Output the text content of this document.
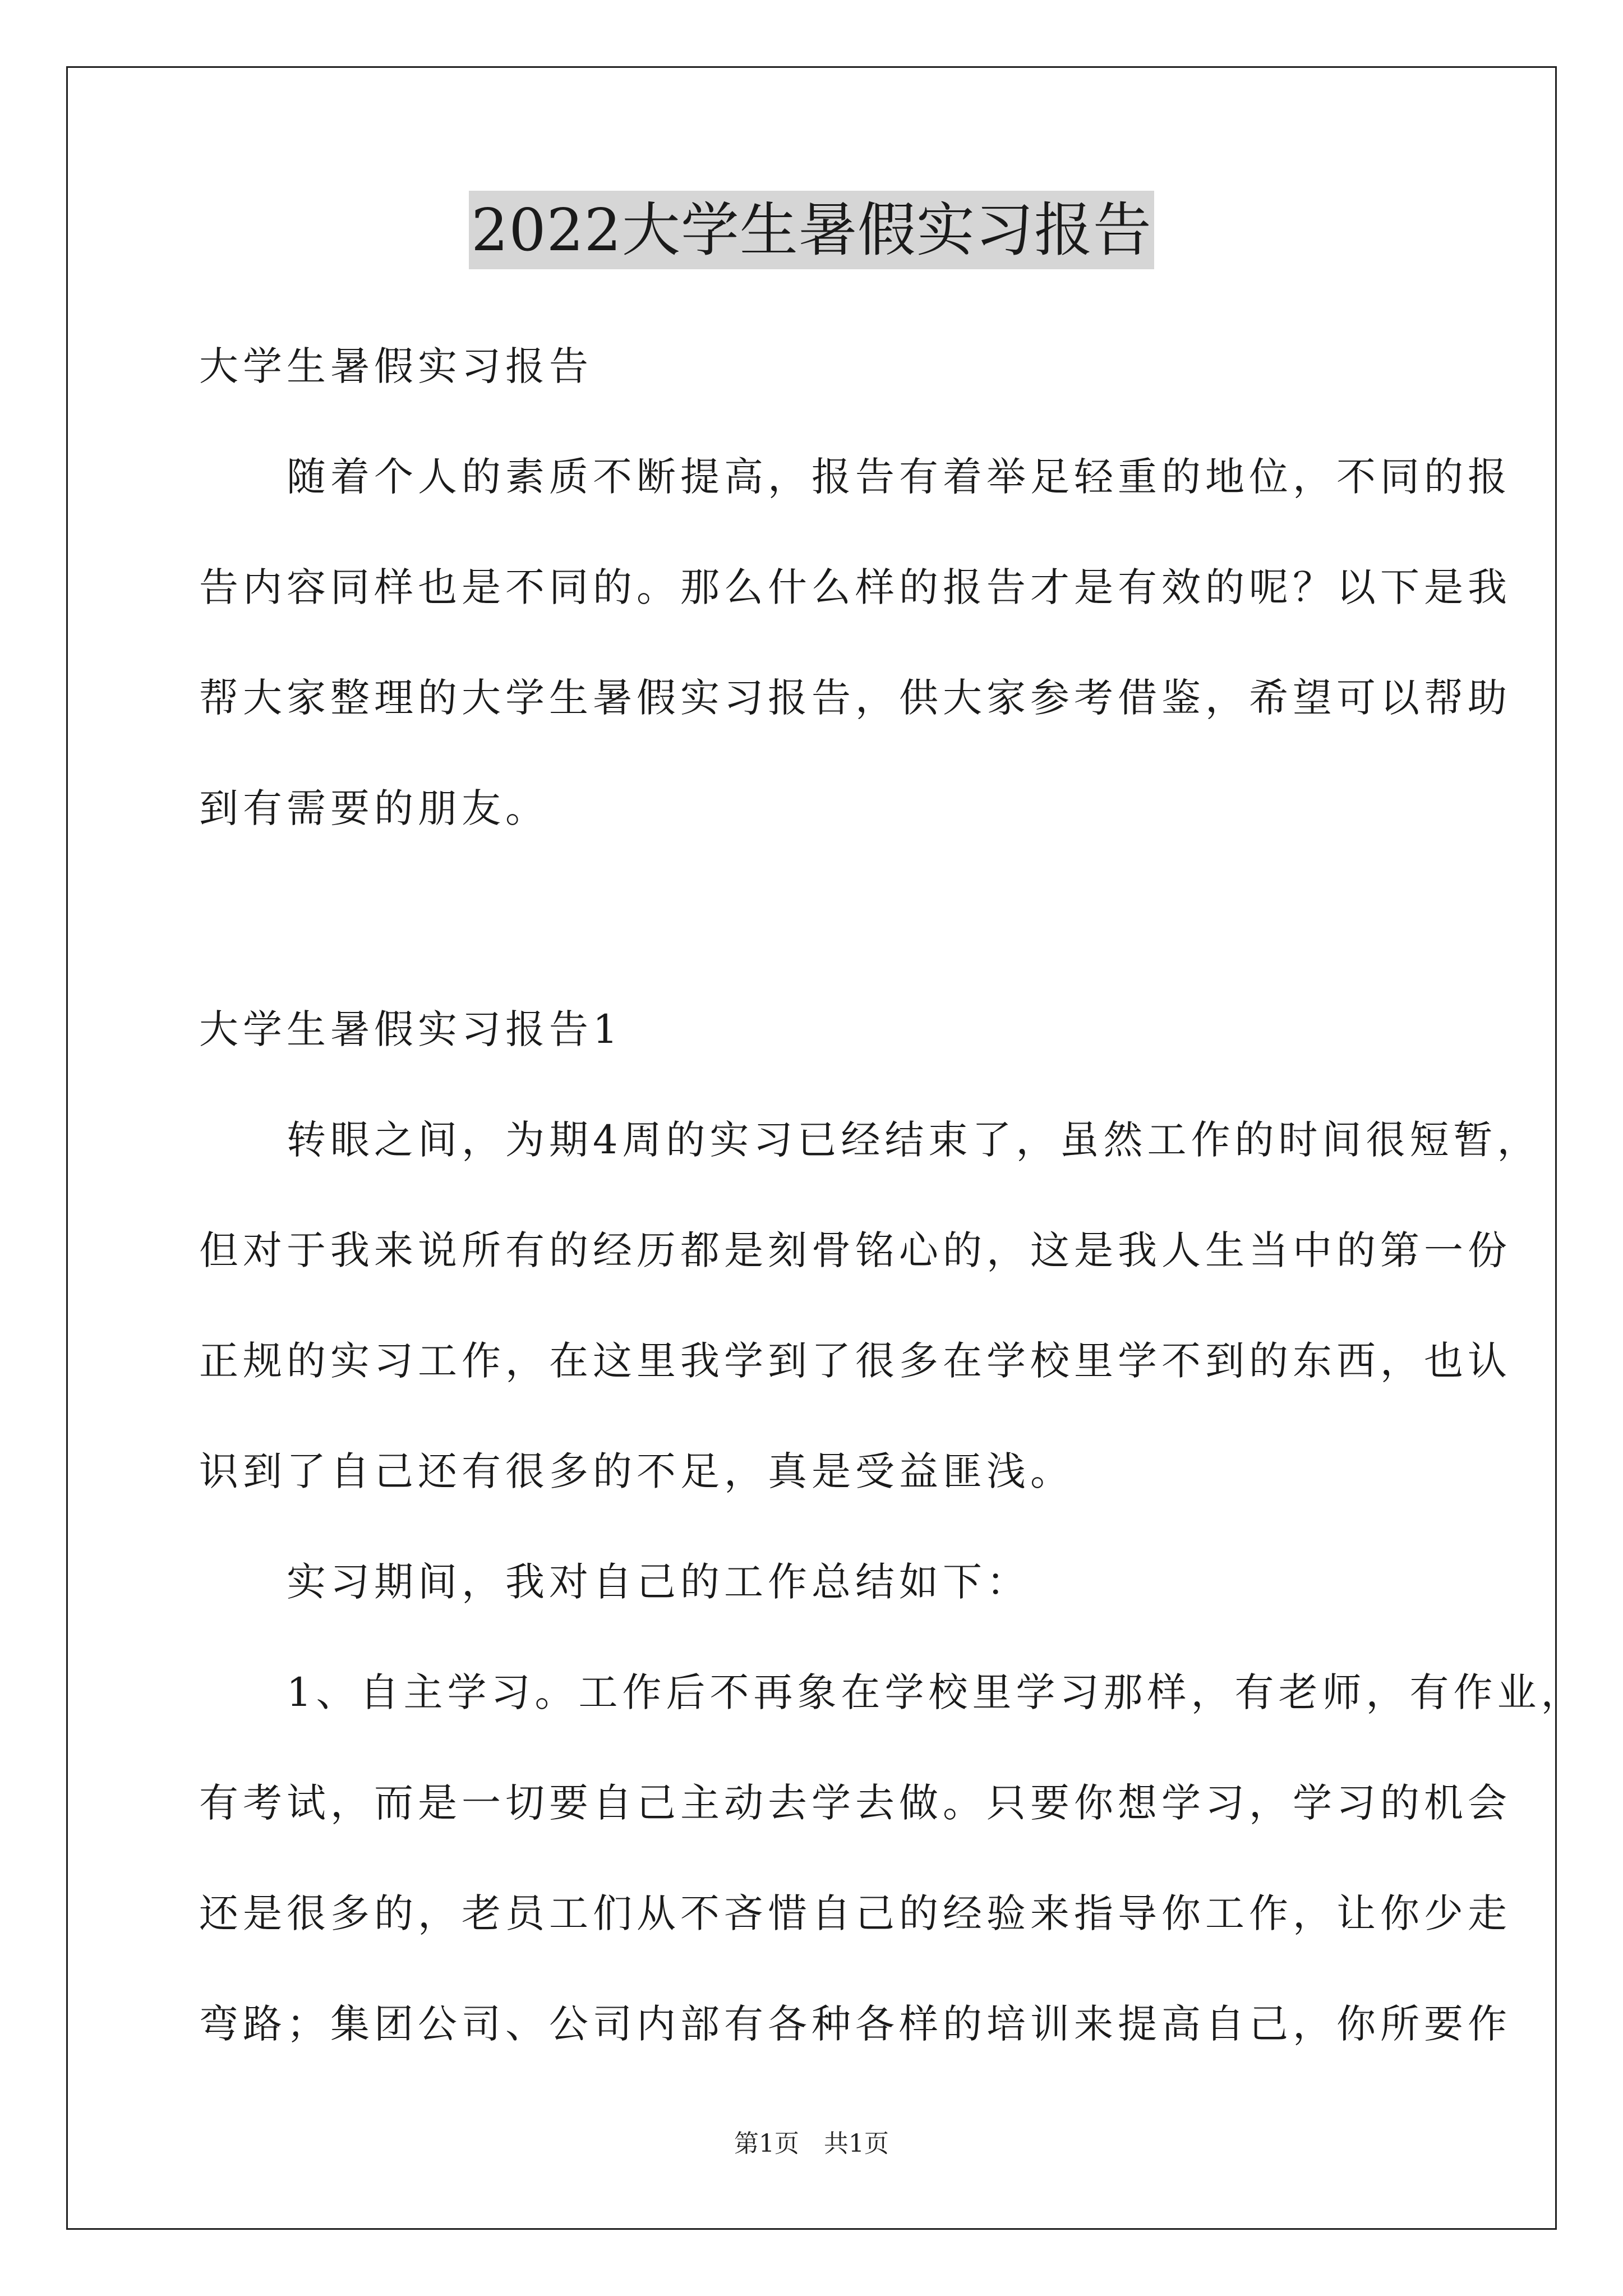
2022大学生暑假实习报告
大学生暑假实习报告
　　随着个人的素质不断提高，报告有着举足轻重的地位，不同的报
告内容同样也是不同的。那么什么样的报告才是有效的呢？以下是我
帮大家整理的大学生暑假实习报告，供大家参考借鉴，希望可以帮助
到有需要的朋友。
大学生暑假实习报告1
　　转眼之间，为期4周的实习已经结束了，虽然工作的时间很短暂，
但对于我来说所有的经历都是刻骨铭心的，这是我人生当中的第一份
正规的实习工作，在这里我学到了很多在学校里学不到的东西，也认
识到了自己还有很多的不足，真是受益匪浅。
　　实习期间，我对自己的工作总结如下：
　　1、自主学习。工作后不再象在学校里学习那样，有老师，有作业，
有考试，而是一切要自己主动去学去做。只要你想学习，学习的机会
还是很多的，老员工们从不吝惜自己的经验来指导你工作，让你少走
弯路；集团公司、公司内部有各种各样的培训来提高自己，你所要作
第1页　共1页
